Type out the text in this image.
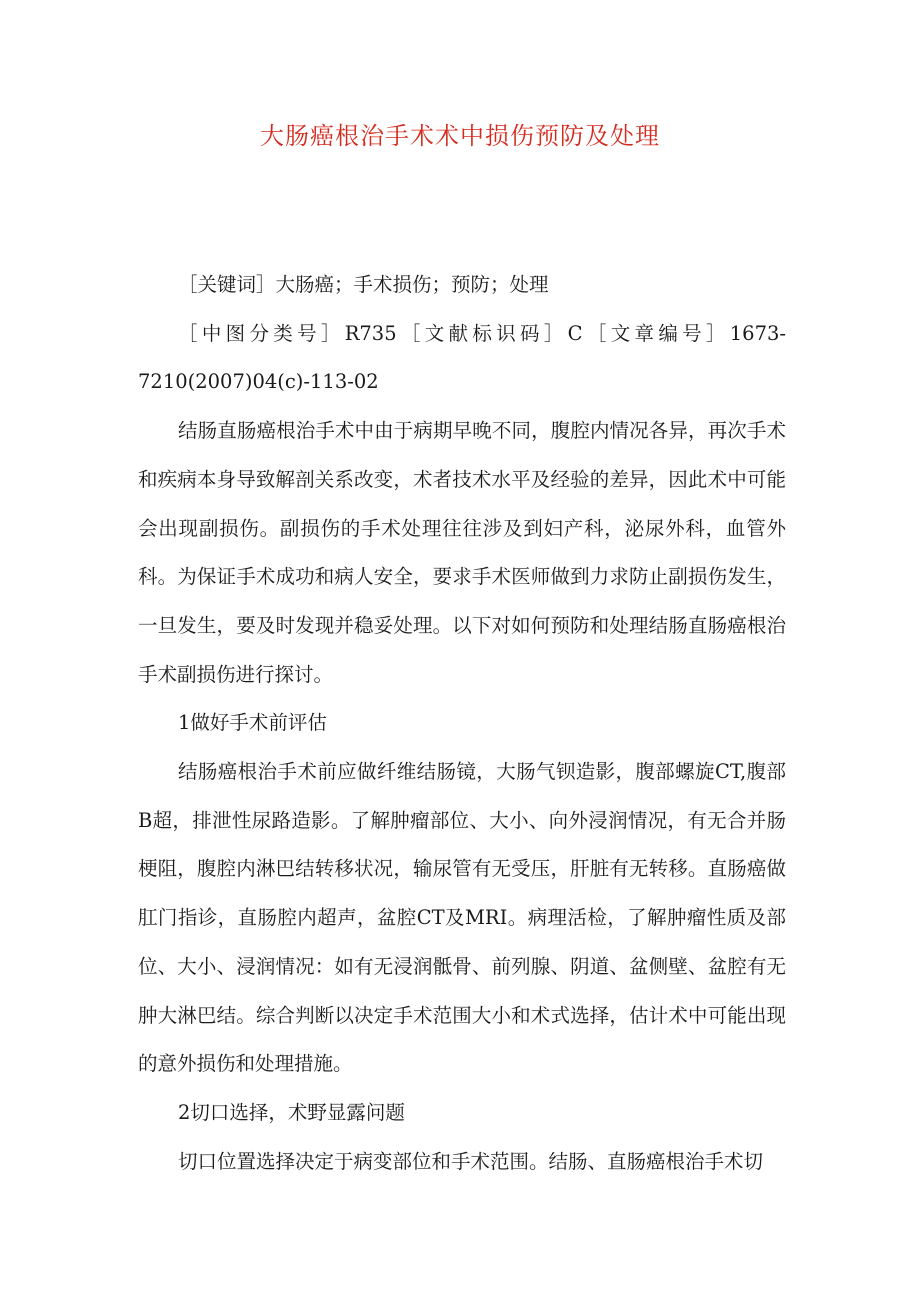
大肠癌根治手术术中损伤预防及处理

［关键词］大肠癌；手术损伤；预防；处理

［中图分类号］R735［文献标识码］C［文章编号］1673-7210(2007)04(c)-113-02

结肠直肠癌根治手术中由于病期早晚不同，腹腔内情况各异，再次手术和疾病本身导致解剖关系改变，术者技术水平及经验的差异，因此术中可能会出现副损伤。副损伤的手术处理往往涉及到妇产科，泌尿外科，血管外科。为保证手术成功和病人安全，要求手术医师做到力求防止副损伤发生，一旦发生，要及时发现并稳妥处理。以下对如何预防和处理结肠直肠癌根治手术副损伤进行探讨。

1做好手术前评估

结肠癌根治手术前应做纤维结肠镜，大肠气钡造影，腹部螺旋CT,腹部B超，排泄性尿路造影。了解肿瘤部位、大小、向外浸润情况，有无合并肠梗阻，腹腔内淋巴结转移状况，输尿管有无受压，肝脏有无转移。直肠癌做肛门指诊，直肠腔内超声，盆腔CT及MRI。病理活检，了解肿瘤性质及部位、大小、浸润情况：如有无浸润骶骨、前列腺、阴道、盆侧壁、盆腔有无肿大淋巴结。综合判断以决定手术范围大小和术式选择，估计术中可能出现的意外损伤和处理措施。

2切口选择，术野显露问题

切口位置选择决定于病变部位和手术范围。结肠、直肠癌根治手术切
